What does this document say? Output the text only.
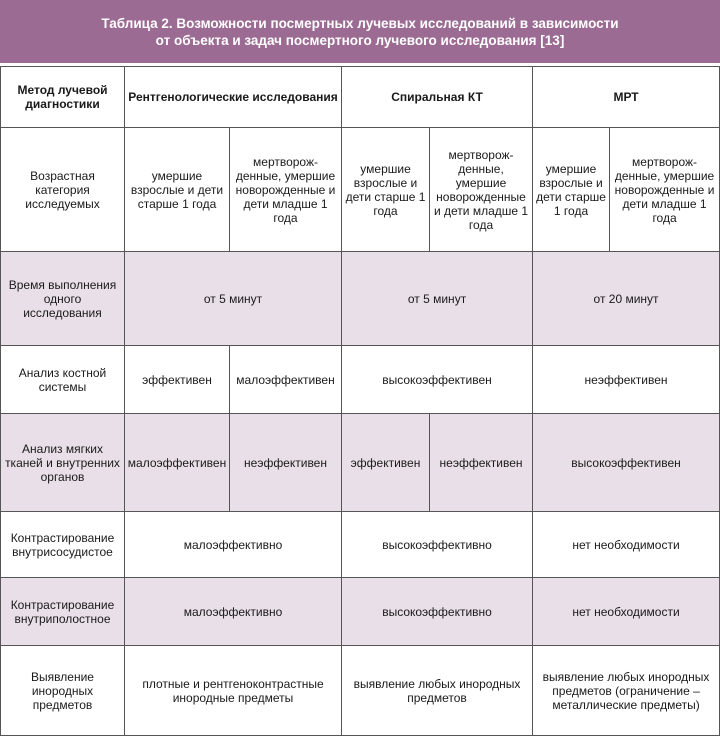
Таблица 2. Возможности посмертных лучевых исследований в зависимости
от объекта и задач посмертного лучевого исследования [13]
Метод лучевой диагностики	Рентгенологические исследования		Спиральная КТ		МРТ	
Возрастная категория исследуемых	умершие взрослые и дети старше 1 года	мертворож- денные, умершие новорожденные и дети младше 1 года	умершие взрослые и дети старше 1 года	мертворож- денные, умершие новорожденные и дети младше 1 года	умершие взрослые и дети старше 1 года	мертворож- денные, умершие новорожденные и дети младше 1 года
Время выполнения одного исследования	от 5 минут		от 5 минут		от 20 минут	
Анализ костной системы	эффективен	малоэффективен	высокоэффективен		неэффективен	
Анализ мягких тканей и внутренних органов	малоэффективен	неэффективен	эффективен	неэффективен	высокоэффективен	
Контрастирование внутрисосудистое	малоэффективно		высокоэффективно		нет необходимости	
Контрастирование внутриполостное	малоэффективно		высокоэффективно		нет необходимости	
Выявление инородных предметов	плотные и рентгеноконтрастные инородные предметы		выявление любых инородных предметов		выявление любых инородных предметов (ограничение – металлические предметы)	
